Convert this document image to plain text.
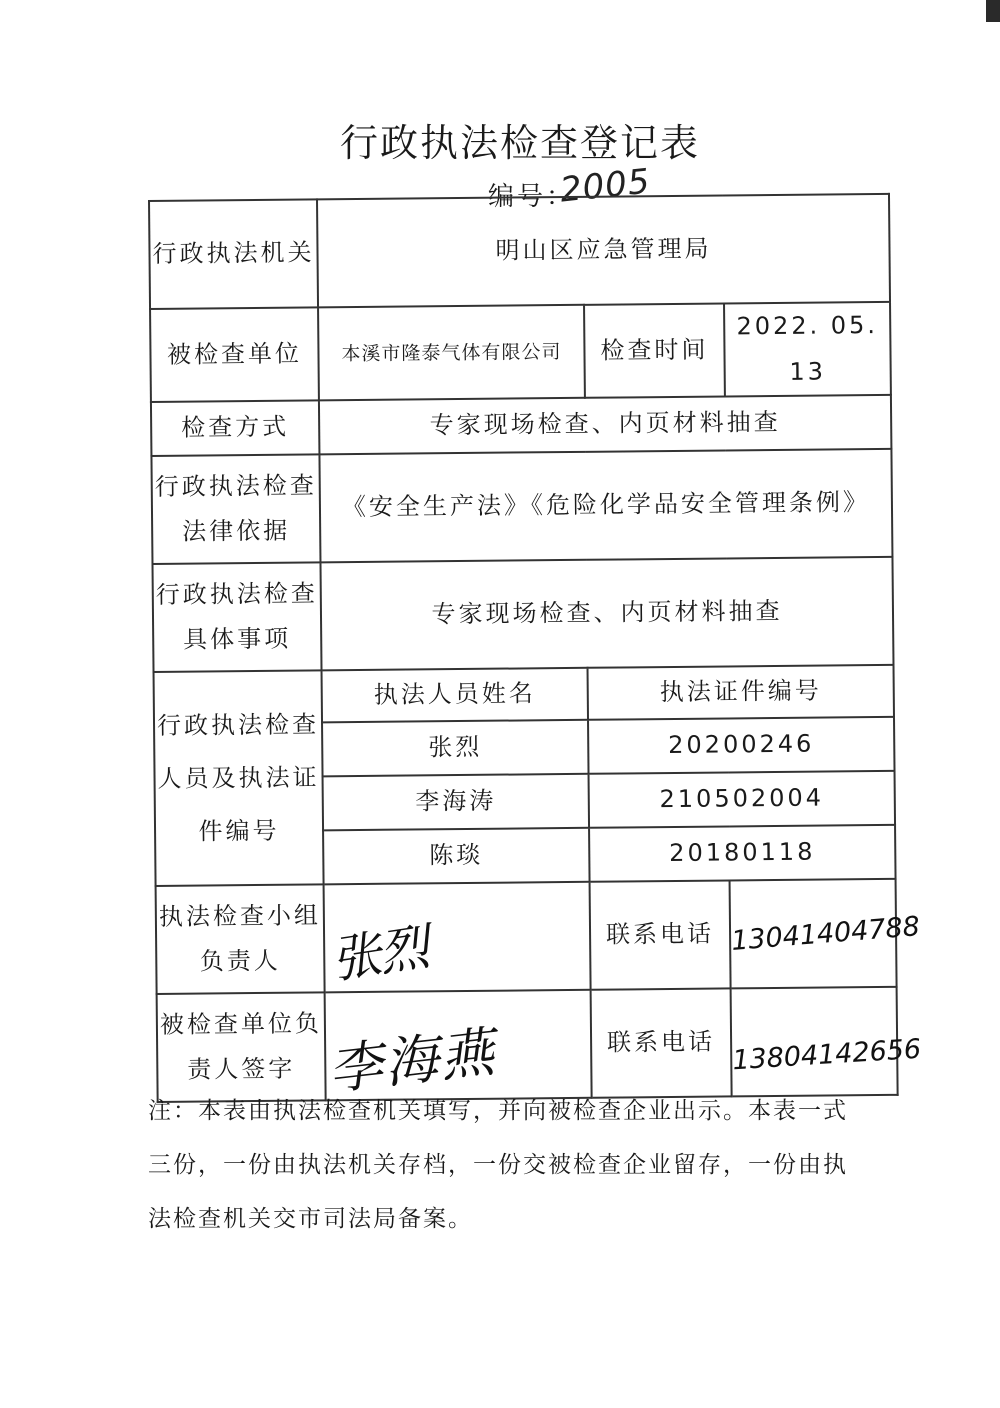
行政执法检查登记表
编号：
2005
行政执法机关	明山区应急管理局		
被检查单位	本溪市隆泰气体有限公司	检查时间	2022. 05. 13
检查方式	专家现场检查、内页材料抽查		
行政执法检查法律依据	《安全生产法》《危险化学品安全管理条例》		
行政执法检查具体事项	专家现场检查、内页材料抽查		
行政执法检查人员及执法证件编号	执法人员姓名	执法证件编号	
	张烈	20200246	
	李海涛	210502004	
	陈琰	20180118	
执法检查小组负责人	张烈	联系电话	13041404788
被检查单位负责人签字	李海燕	联系电话	13804142656
注：本表由执法检查机关填写，并向被检查企业出示。本表一式三份，一份由执法机关存档，一份交被检查企业留存，一份由执法检查机关交市司法局备案。
